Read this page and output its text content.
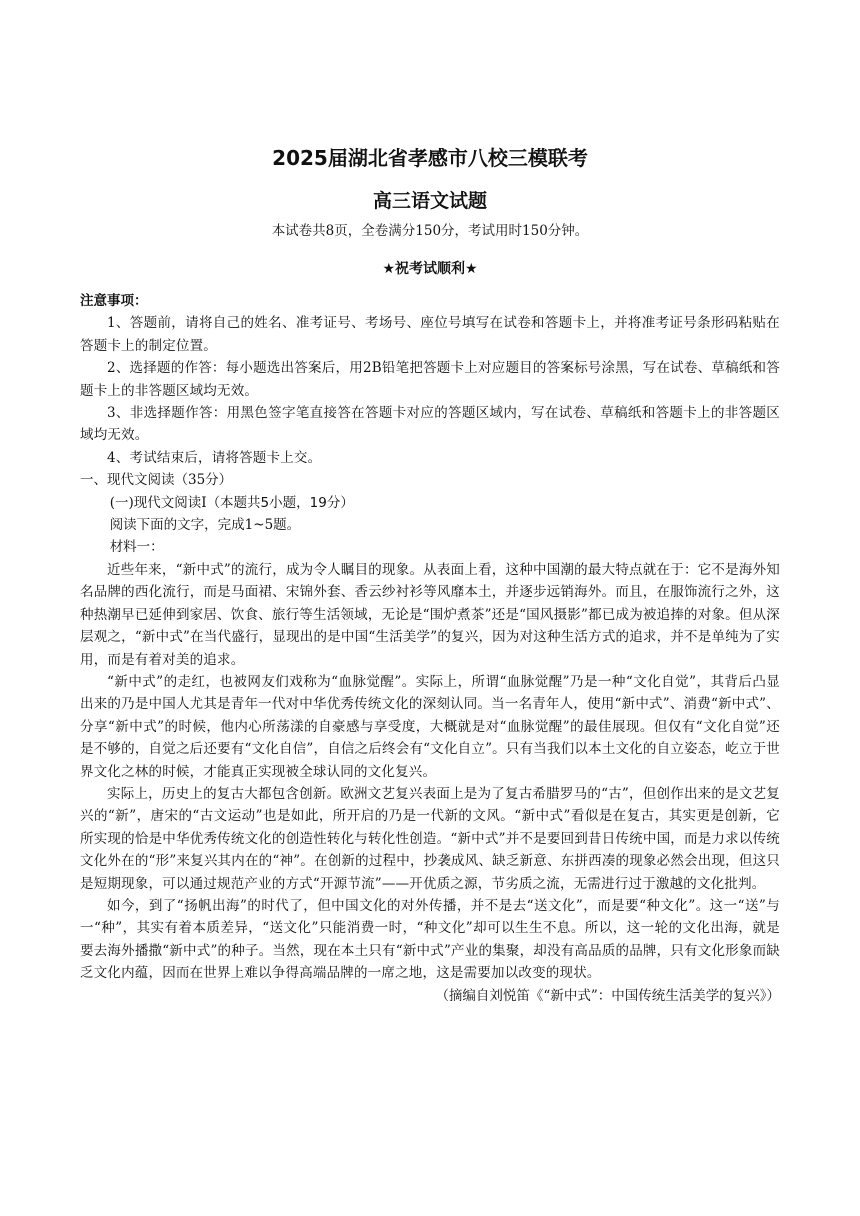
2025届湖北省孝感市八校三模联考
高三语文试题
本试卷共8页，全卷满分150分，考试用时150分钟。
★祝考试顺利★

注意事项：

1、答题前，请将自己的姓名、准考证号、考场号、座位号填写在试卷和答题卡上，并将准考证号条形码粘贴在答题卡上的制定位置。

2、选择题的作答：每小题选出答案后，用2B铅笔把答题卡上对应题目的答案标号涂黑，写在试卷、草稿纸和答题卡上的非答题区域均无效。

3、非选择题作答：用黑色签字笔直接答在答题卡对应的答题区域内，写在试卷、草稿纸和答题卡上的非答题区域均无效。

4、考试结束后，请将答题卡上交。

一、现代文阅读（35分）

(一)现代文阅读Ⅰ（本题共5小题，19分）

阅读下面的文字，完成1~5题。

材料一：

近些年来，“新中式”的流行，成为令人瞩目的现象。从表面上看，这种中国潮的最大特点就在于：它不是海外知名品牌的西化流行，而是马面裙、宋锦外套、香云纱衬衫等风靡本土，并逐步远销海外。而且，在服饰流行之外，这种热潮早已延伸到家居、饮食、旅行等生活领域，无论是“围炉煮茶”还是“国风摄影”都已成为被追捧的对象。但从深层观之，“新中式”在当代盛行，显现出的是中国“生活美学”的复兴，因为对这种生活方式的追求，并不是单纯为了实用，而是有着对美的追求。

“新中式”的走红，也被网友们戏称为“血脉觉醒”。实际上，所谓“血脉觉醒”乃是一种“文化自觉”，其背后凸显出来的乃是中国人尤其是青年一代对中华优秀传统文化的深刻认同。当一名青年人，使用“新中式”、消费“新中式”、分享“新中式”的时候，他内心所荡漾的自豪感与享受度，大概就是对“血脉觉醒”的最佳展现。但仅有“文化自觉”还是不够的，自觉之后还要有“文化自信”，自信之后终会有“文化自立”。只有当我们以本土文化的自立姿态，屹立于世界文化之林的时候，才能真正实现被全球认同的文化复兴。

实际上，历史上的复古大都包含创新。欧洲文艺复兴表面上是为了复古希腊罗马的“古”，但创作出来的是文艺复兴的“新”，唐宋的“古文运动”也是如此，所开启的乃是一代新的文风。“新中式”看似是在复古，其实更是创新，它所实现的恰是中华优秀传统文化的创造性转化与转化性创造。“新中式”并不是要回到昔日传统中国，而是力求以传统文化外在的“形”来复兴其内在的“神”。在创新的过程中，抄袭成风、缺乏新意、东拼西凑的现象必然会出现，但这只是短期现象，可以通过规范产业的方式“开源节流”——开优质之源，节劣质之流，无需进行过于激越的文化批判。

如今，到了“扬帆出海”的时代了，但中国文化的对外传播，并不是去“送文化”，而是要“种文化”。这一“送”与一“种”，其实有着本质差异，“送文化”只能消费一时，“种文化”却可以生生不息。所以，这一轮的文化出海，就是要去海外播撒“新中式”的种子。当然，现在本土只有“新中式”产业的集聚，却没有高品质的品牌，只有文化形象而缺乏文化内蕴，因而在世界上难以争得高端品牌的一席之地，这是需要加以改变的现状。

（摘编自刘悦笛《“新中式”：中国传统生活美学的复兴》）
